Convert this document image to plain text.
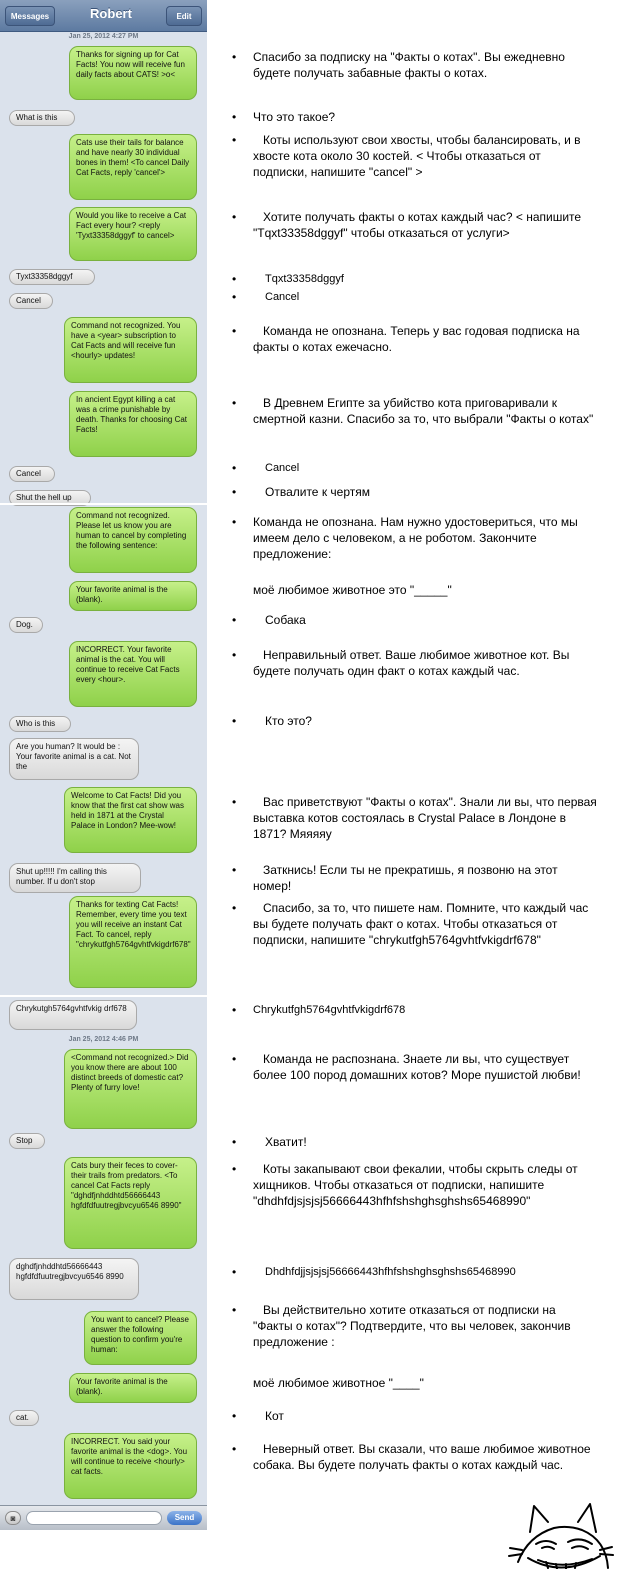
Messages	Robert	Edit
Jan 25, 2012 4:27 PM
Thanks for signing up for Cat Facts! You now will receive fun daily facts about CATS! >o<
What is this
Cats use their tails for balance and have nearly 30 individual bones in them! <To cancel Daily Cat Facts, reply 'cancel'>
Would you like to receive a Cat Fact every hour? <reply 'Tyxt33358dggyf' to cancel>
Tyxt33358dggyf
Cancel
Command not recognized. You have a <year> subscription to Cat Facts and will receive fun <hourly> updates!
In ancient Egypt killing a cat was a crime punishable by death. Thanks for choosing Cat Facts!
Cancel
Shut the hell up
Command not recognized. Please let us know you are human to cancel by completing the following sentence:
Your favorite animal is the (blank).
Dog.
INCORRECT. Your favorite animal is the cat. You will continue to receive Cat Facts every <hour>.
Who is this
Are you human? It would be : Your favorite animal is a cat. Not the
Welcome to Cat Facts! Did you know that the first cat show was held in 1871 at the Crystal Palace in London? Mee-wow!
Shut up!!!!! I'm calling this number. If u don't stop
Thanks for texting Cat Facts! Remember, every time you text you will receive an instant Cat Fact. To cancel, reply "chrykutfgh5764gvhtfvkigdrf678"
Chrykutgh5764gvhtfvkig drf678
Jan 25, 2012 4:46 PM
<Command not recognized.> Did you know there are about 100 distinct breeds of domestic cat? Plenty of furry love!
Stop
Cats bury their feces to cover-their trails from predators. <To cancel Cat Facts reply "dghdfjnhddhtd56666443 hgfdfdfuutregjbvcyu6546 8990"
dghdfjnhddhtd56666443 hgfdfdfuutregjbvcyu6546 8990
You want to cancel? Please answer the following question to confirm you're human:
Your favorite animal is the (blank).
cat.
INCORRECT. You said your favorite animal is the <dog>. You will continue to receive <hourly> cat facts.
◙	Send
• Спасибо за подписку на "Факты о котах". Вы ежедневно будете получать забавные факты о котах.
• Что это такое?
•	Коты используют свои хвосты, чтобы балансировать, и в хвосте кота около 30 костей. < Чтобы отказаться от подписки, напишите "cancel" >
•	Хотите получать факты о котах каждый час? < напишите "Tqxt33358dggyf" чтобы отказаться от услуги>
•	Tqxt33358dggyf
•	Cancel
•	Команда не опознана. Теперь у вас годовая подписка на факты о котах ежечасно.
•	В Древнем Египте за убийство кота приговаривали к смертной казни. Спасибо за то, что выбрали "Факты о котах"
•	Cancel
• Отвалите к чертям
• Команда не опознана. Нам нужно удостовериться, что мы имеем дело с человеком, а не роботом. Закончите предложение:
моё любимое животное это "_____"
• Собака
•	Неправильный ответ. Ваше любимое животное кот. Вы будете получать один факт о котах каждый час.
• Кто это?
•	Вас приветствуют "Факты о котах". Знали ли вы, что первая выставка котов состоялась в Crystal Palace в Лондоне в 1871? Мяяяяу
•	Заткнись! Если ты не прекратишь, я позвоню на этот номер!
•	Спасибо, за то, что пишете нам. Помните, что каждый час вы будете получать факт о котах. Чтобы отказаться от подписки, напишите "chrykutfgh5764gvhtfvkigdrf678"
• Chrykutfgh5764gvhtfvkigdrf678
•	Команда не распознана. Знаете ли вы, что существует более 100 пород домашних котов? Море пушистой любви!
• Хватит!
•	Коты закапывают свои фекалии, чтобы скрыть следы от хищников. Чтобы отказаться от подписки, напишите "dhdhfdjsjsjsj56666443hfhfshshghsghshs65468990"
•	Dhdhfdjjsjsjsj56666443hfhfshshghsghshs65468990
•	Вы действительно хотите отказаться от подписки на "Факты о котах"? Подтвердите, что вы человек, закончив предложение :
моё любимое животное "____"
• Кот
•	Неверный ответ. Вы сказали, что ваше любимое животное собака. Вы будете получать факты о котах каждый час.
